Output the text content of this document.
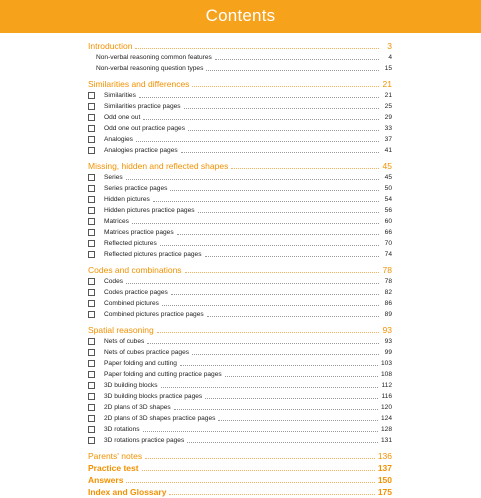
Contents
Introduction	3
Non-verbal reasoning common features	4
Non-verbal reasoning question types	15
Similarities and differences	21
Similarities	21
Similarities practice pages	25
Odd one out	29
Odd one out practice pages	33
Analogies	37
Analogies practice pages	41
Missing, hidden and reflected shapes	45
Series	45
Series practice pages	50
Hidden pictures	54
Hidden pictures practice pages	56
Matrices	60
Matrices practice pages	66
Reflected pictures	70
Reflected pictures practice pages	74
Codes and combinations	78
Codes	78
Codes practice pages	82
Combined pictures	86
Combined pictures practice pages	89
Spatial reasoning	93
Nets of cubes	93
Nets of cubes practice pages	99
Paper folding and cutting	103
Paper folding and cutting practice pages	108
3D building blocks	112
3D building blocks practice pages	116
2D plans of 3D shapes	120
2D plans of 3D shapes practice pages	124
3D rotations	128
3D rotations practice pages	131
Parents' notes	136
Practice test	137
Answers	150
Index and Glossary	175
